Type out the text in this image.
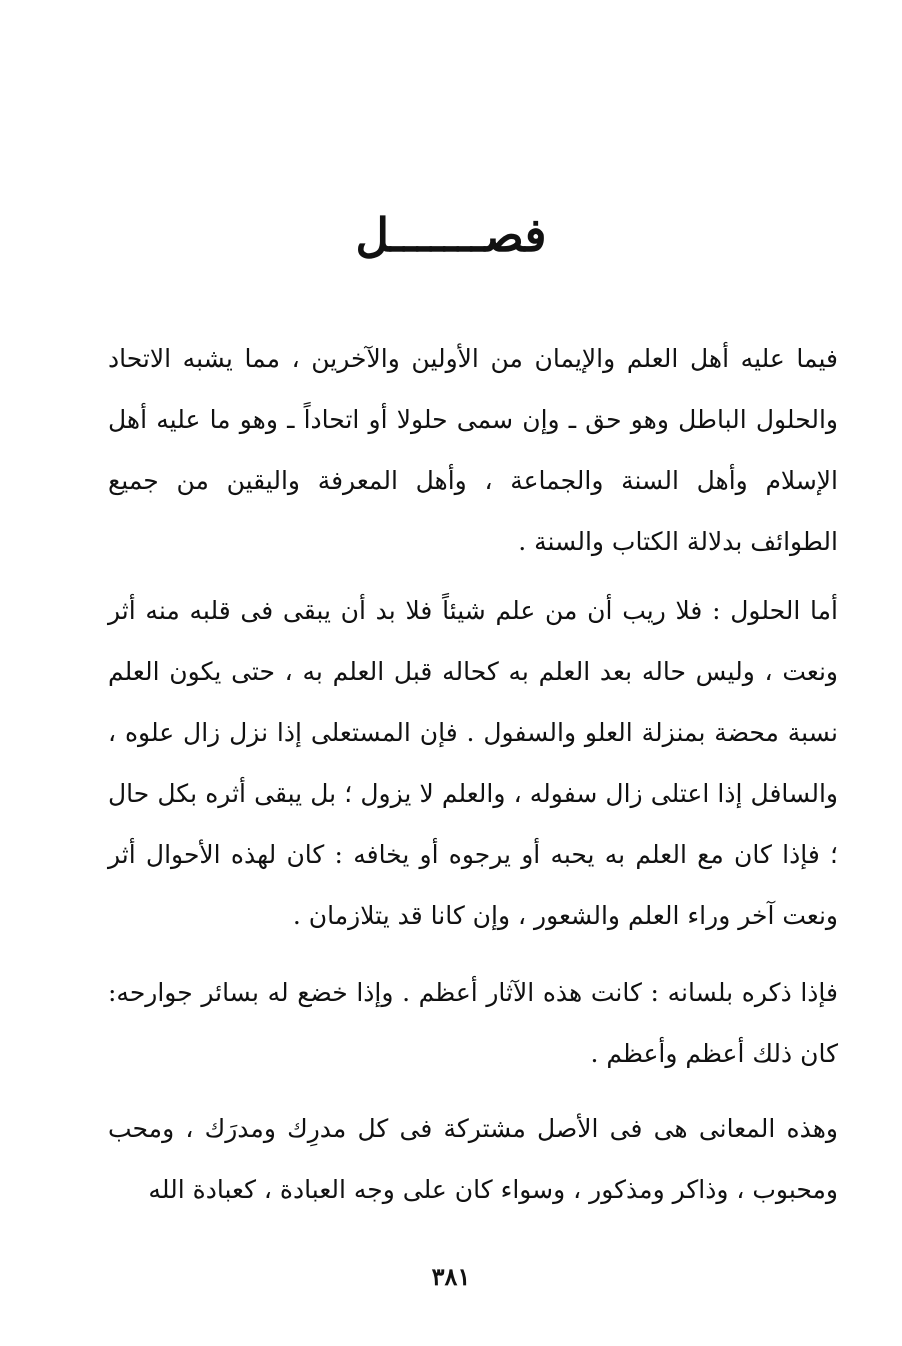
فصـــــــل

فيما عليه أهل العلم والإيمان من الأولين والآخرين ، مما يشبه الاتحاد والحلول الباطل وهو حق ـ وإن سمى حلولا أو اتحاداً ـ وهو ما عليه أهل الإسلام وأهل السنة والجماعة ، وأهل المعرفة واليقين من جميع الطوائف بدلالة الكتاب والسنة .

أما الحلول : فلا ريب أن من علم شيئاً فلا بد أن يبقى فى قلبه منه أثر ونعت ، وليس حاله بعد العلم به كحاله قبل العلم به ، حتى يكون العلم نسبة محضة بمنزلة العلو والسفول . فإن المستعلى إذا نزل زال علوه ، والسافل إذا اعتلى زال سفوله ، والعلم لا يزول ؛ بل يبقى أثره بكل حال ؛ فإذا كان مع العلم به يحبه أو يرجوه أو يخافه : كان لهذه الأحوال أثر ونعت آخر وراء العلم والشعور ، وإن كانا قد يتلازمان .

فإذا ذكره بلسانه : كانت هذه الآثار أعظم . وإذا خضع له بسائر جوارحه: كان ذلك أعظم وأعظم .

وهذه المعانى هى فى الأصل مشتركة فى كل مدرِك ومدرَك ، ومحب ومحبوب ، وذاكر ومذكور ، وسواء كان على وجه العبادة ، كعبادة الله

٣٨١
